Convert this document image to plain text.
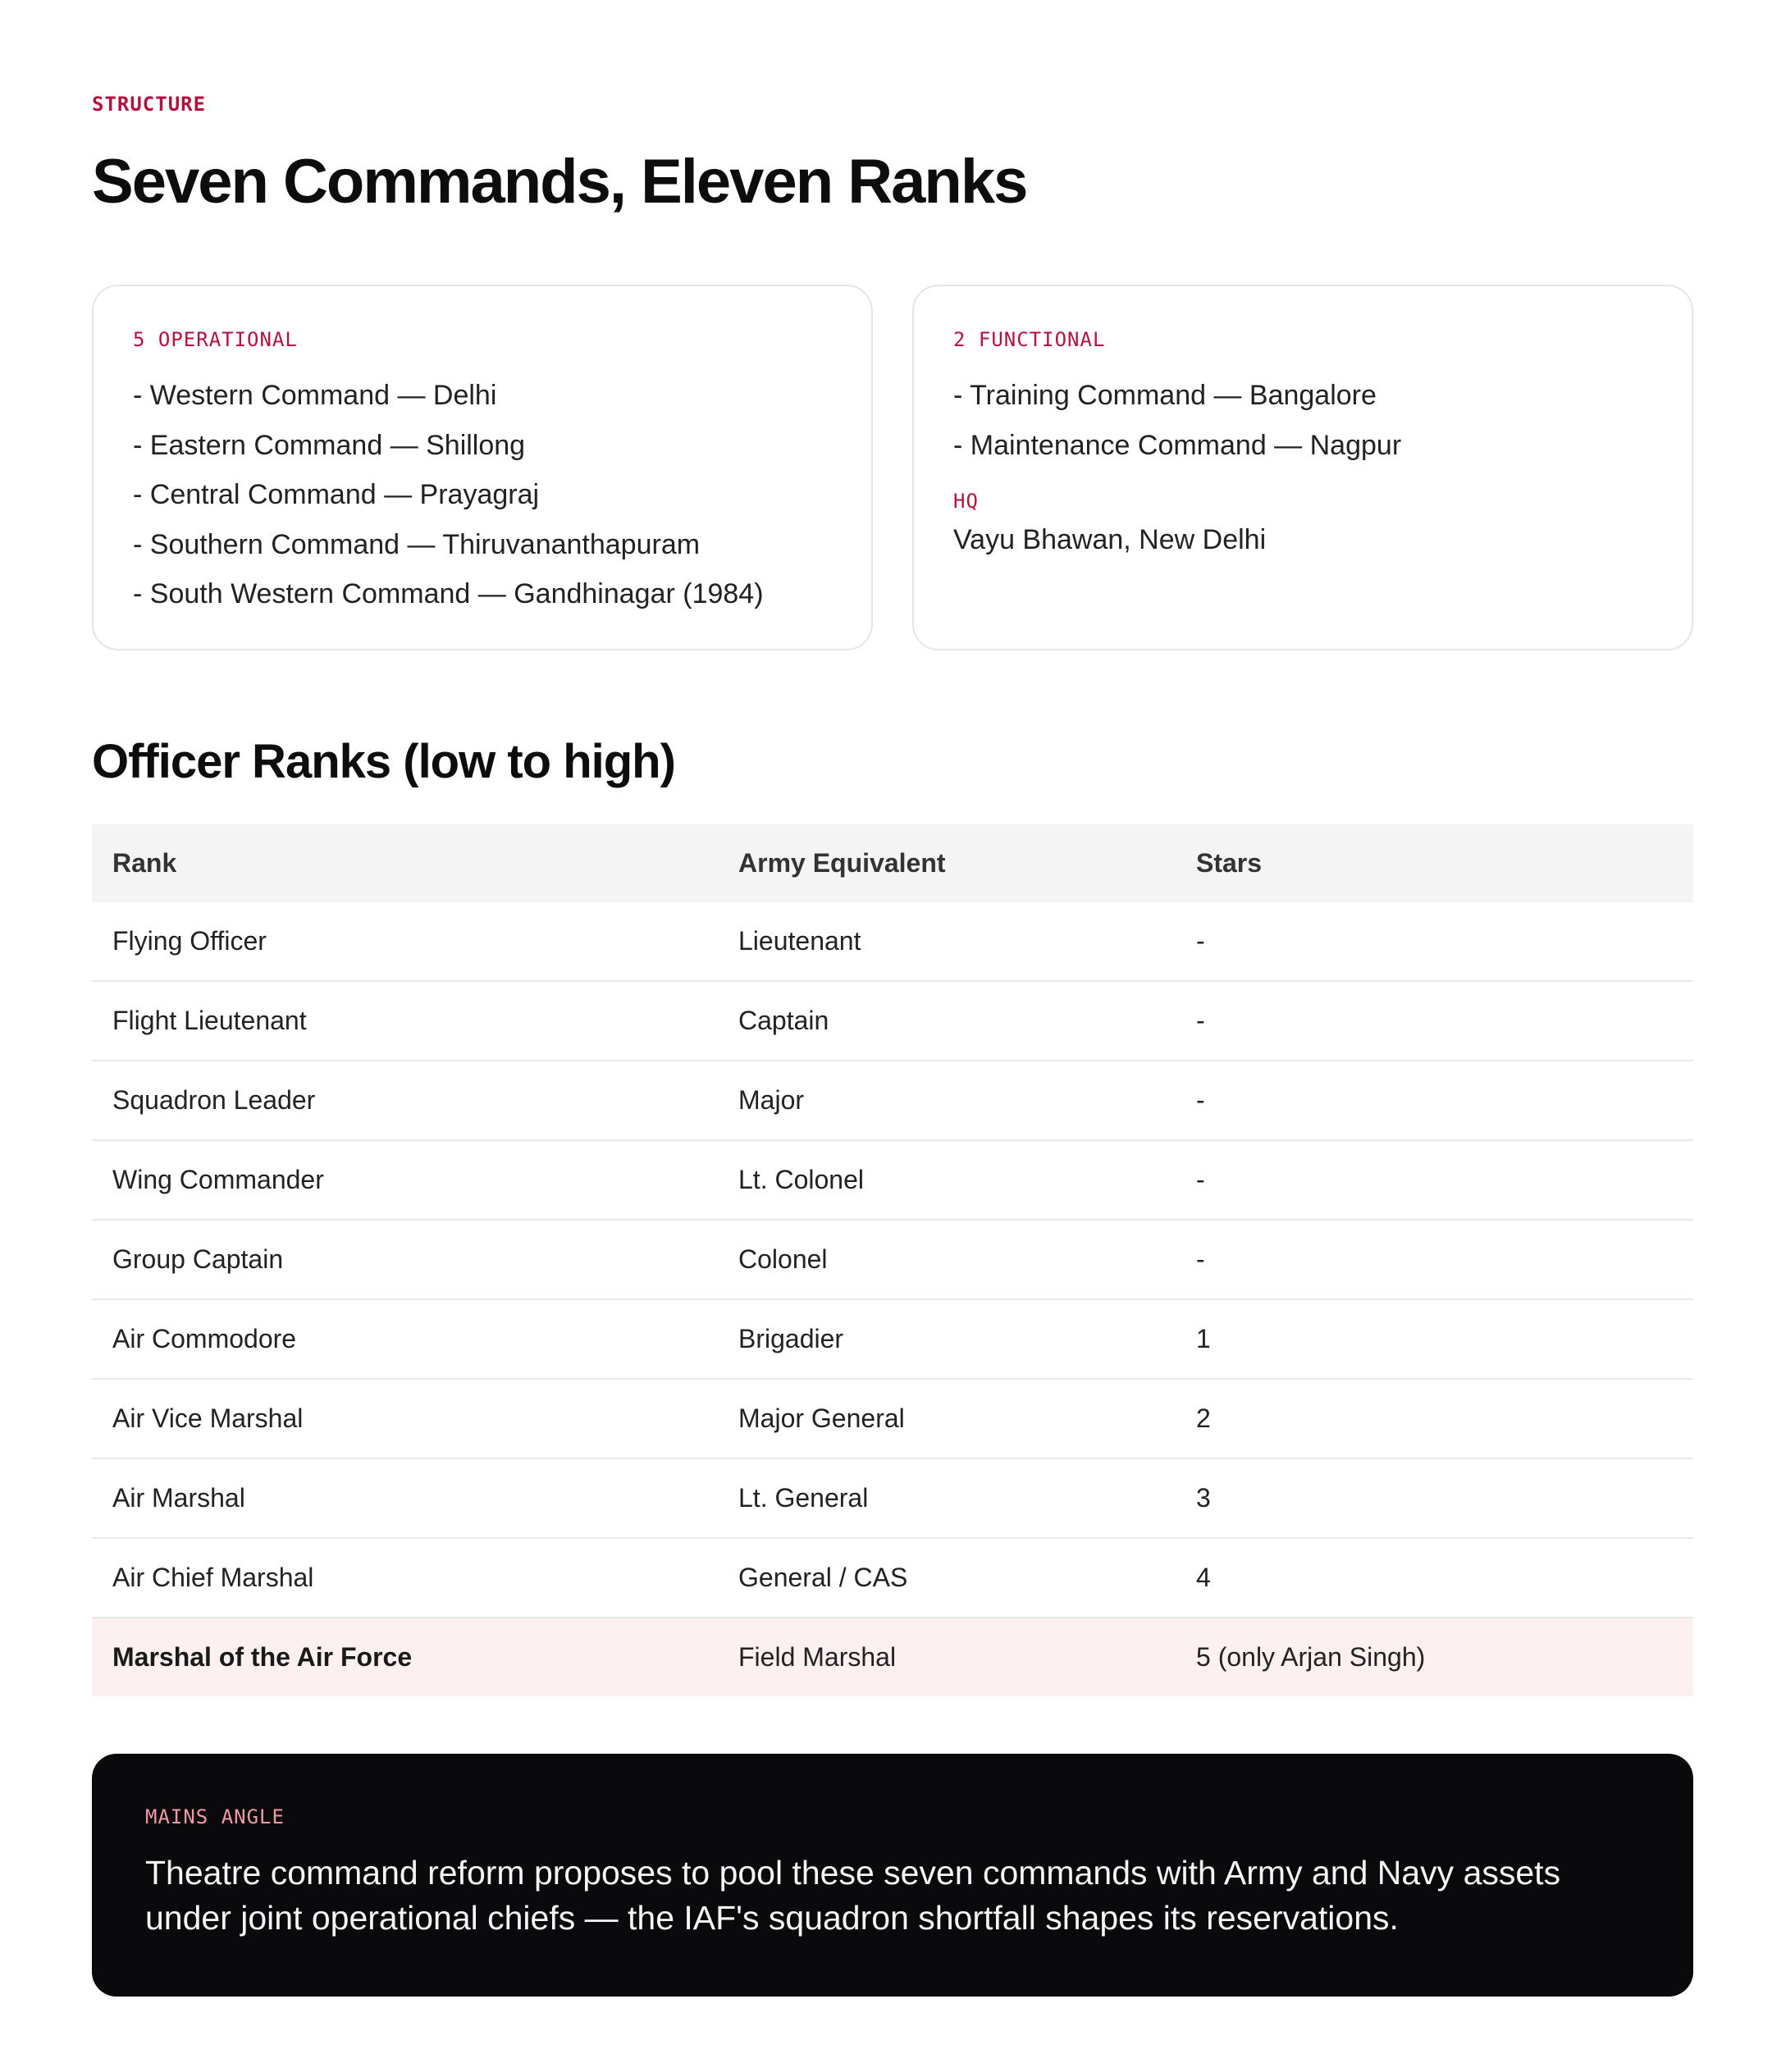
STRUCTURE
Seven Commands, Eleven Ranks
5 OPERATIONAL
- Western Command — Delhi
- Eastern Command — Shillong
- Central Command — Prayagraj
- Southern Command — Thiruvananthapuram
- South Western Command — Gandhinagar (1984)
2 FUNCTIONAL
- Training Command — Bangalore
- Maintenance Command — Nagpur
HQ
Vayu Bhawan, New Delhi
Officer Ranks (low to high)
Rank	Army Equivalent	Stars
Flying Officer	Lieutenant	-
Flight Lieutenant	Captain	-
Squadron Leader	Major	-
Wing Commander	Lt. Colonel	-
Group Captain	Colonel	-
Air Commodore	Brigadier	1
Air Vice Marshal	Major General	2
Air Marshal	Lt. General	3
Air Chief Marshal	General / CAS	4
Marshal of the Air Force	Field Marshal	5 (only Arjan Singh)
MAINS ANGLE

Theatre command reform proposes to pool these seven commands with Army and Navy assets under joint operational chiefs — the IAF's squadron shortfall shapes its reservations.
